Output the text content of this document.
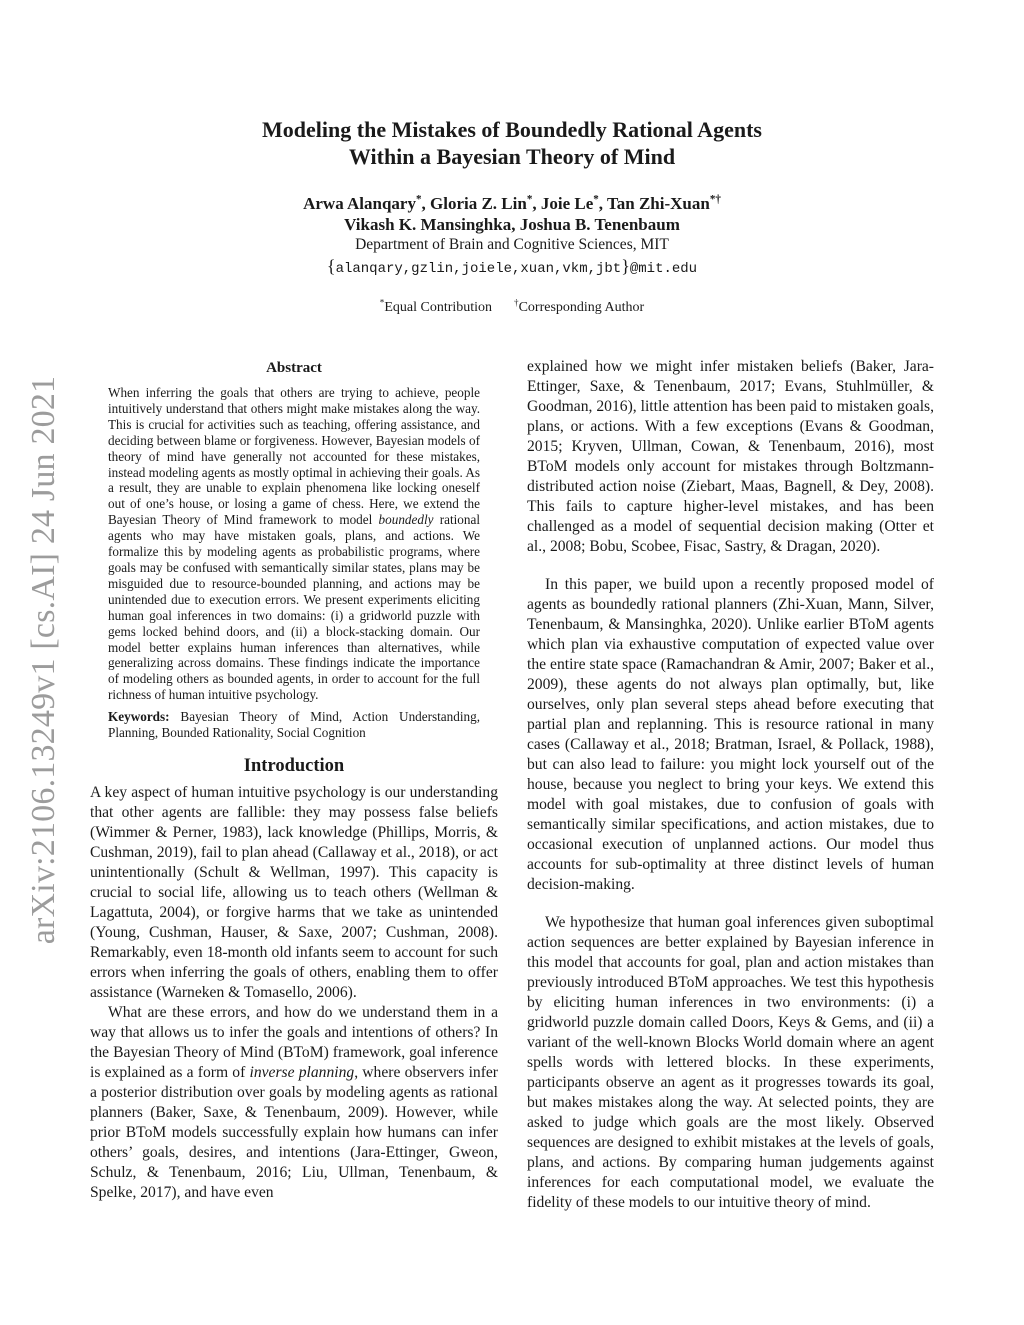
arXiv:2106.13249v1 [cs.AI] 24 Jun 2021
Modeling the Mistakes of Boundedly Rational Agents
Within a Bayesian Theory of Mind
Arwa Alanqary*, Gloria Z. Lin*, Joie Le*, Tan Zhi-Xuan*†
Vikash K. Mansinghka, Joshua B. Tenenbaum
Department of Brain and Cognitive Sciences, MIT
{alanqary,gzlin,joiele,xuan,vkm,jbt}@mit.edu
*Equal Contribution †Corresponding Author
Abstract

When inferring the goals that others are trying to achieve, people intuitively understand that others might make mistakes along the way. This is crucial for activities such as teaching, offering assistance, and deciding between blame or forgiveness. However, Bayesian models of theory of mind have generally not accounted for these mistakes, instead modeling agents as mostly optimal in achieving their goals. As a result, they are unable to explain phenomena like locking oneself out of one’s house, or losing a game of chess. Here, we extend the Bayesian Theory of Mind framework to model boundedly rational agents who may have mistaken goals, plans, and actions. We formalize this by modeling agents as probabilistic programs, where goals may be confused with semantically similar states, plans may be misguided due to resource-bounded planning, and actions may be unintended due to execution errors. We present experiments eliciting human goal inferences in two domains: (i) a gridworld puzzle with gems locked behind doors, and (ii) a block-stacking domain. Our model better explains human inferences than alternatives, while generalizing across domains. These findings indicate the importance of modeling others as bounded agents, in order to account for the full richness of human intuitive psychology.

Keywords: Bayesian Theory of Mind, Action Understanding, Planning, Bounded Rationality, Social Cognition

Introduction

A key aspect of human intuitive psychology is our understanding that other agents are fallible: they may possess false beliefs (Wimmer & Perner, 1983), lack knowledge (Phillips, Morris, & Cushman, 2019), fail to plan ahead (Callaway et al., 2018), or act unintentionally (Schult & Wellman, 1997). This capacity is crucial to social life, allowing us to teach others (Wellman & Lagattuta, 2004), or forgive harms that we take as unintended (Young, Cushman, Hauser, & Saxe, 2007; Cushman, 2008). Remarkably, even 18-month old infants seem to account for such errors when inferring the goals of others, enabling them to offer assistance (Warneken & Tomasello, 2006).

What are these errors, and how do we understand them in a way that allows us to infer the goals and intentions of others? In the Bayesian Theory of Mind (BToM) framework, goal inference is explained as a form of inverse planning, where observers infer a posterior distribution over goals by modeling agents as rational planners (Baker, Saxe, & Tenenbaum, 2009). However, while prior BToM models successfully explain how humans can infer others’ goals, desires, and intentions (Jara-Ettinger, Gweon, Schulz, & Tenenbaum, 2016; Liu, Ullman, Tenenbaum, & Spelke, 2017), and have even

explained how we might infer mistaken beliefs (Baker, Jara-Ettinger, Saxe, & Tenenbaum, 2017; Evans, Stuhlmüller, & Goodman, 2016), little attention has been paid to mistaken goals, plans, or actions. With a few exceptions (Evans & Goodman, 2015; Kryven, Ullman, Cowan, & Tenenbaum, 2016), most BToM models only account for mistakes through Boltzmann-distributed action noise (Ziebart, Maas, Bagnell, & Dey, 2008). This fails to capture higher-level mistakes, and has been challenged as a model of sequential decision making (Otter et al., 2008; Bobu, Scobee, Fisac, Sastry, & Dragan, 2020).

In this paper, we build upon a recently proposed model of agents as boundedly rational planners (Zhi-Xuan, Mann, Silver, Tenenbaum, & Mansinghka, 2020). Unlike earlier BToM agents which plan via exhaustive computation of expected value over the entire state space (Ramachandran & Amir, 2007; Baker et al., 2009), these agents do not always plan optimally, but, like ourselves, only plan several steps ahead before executing that partial plan and replanning. This is resource rational in many cases (Callaway et al., 2018; Bratman, Israel, & Pollack, 1988), but can also lead to failure: you might lock yourself out of the house, because you neglect to bring your keys. We extend this model with goal mistakes, due to confusion of goals with semantically similar specifications, and action mistakes, due to occasional execution of unplanned actions. Our model thus accounts for sub-optimality at three distinct levels of human decision-making.

We hypothesize that human goal inferences given suboptimal action sequences are better explained by Bayesian inference in this model that accounts for goal, plan and action mistakes than previously introduced BToM approaches. We test this hypothesis by eliciting human inferences in two environments: (i) a gridworld puzzle domain called Doors, Keys & Gems, and (ii) a variant of the well-known Blocks World domain where an agent spells words with lettered blocks. In these experiments, participants observe an agent as it progresses towards its goal, but makes mistakes along the way. At selected points, they are asked to judge which goals are the most likely. Observed sequences are designed to exhibit mistakes at the levels of goals, plans, and actions. By comparing human judgements against inferences for each computational model, we evaluate the fidelity of these models to our intuitive theory of mind.
